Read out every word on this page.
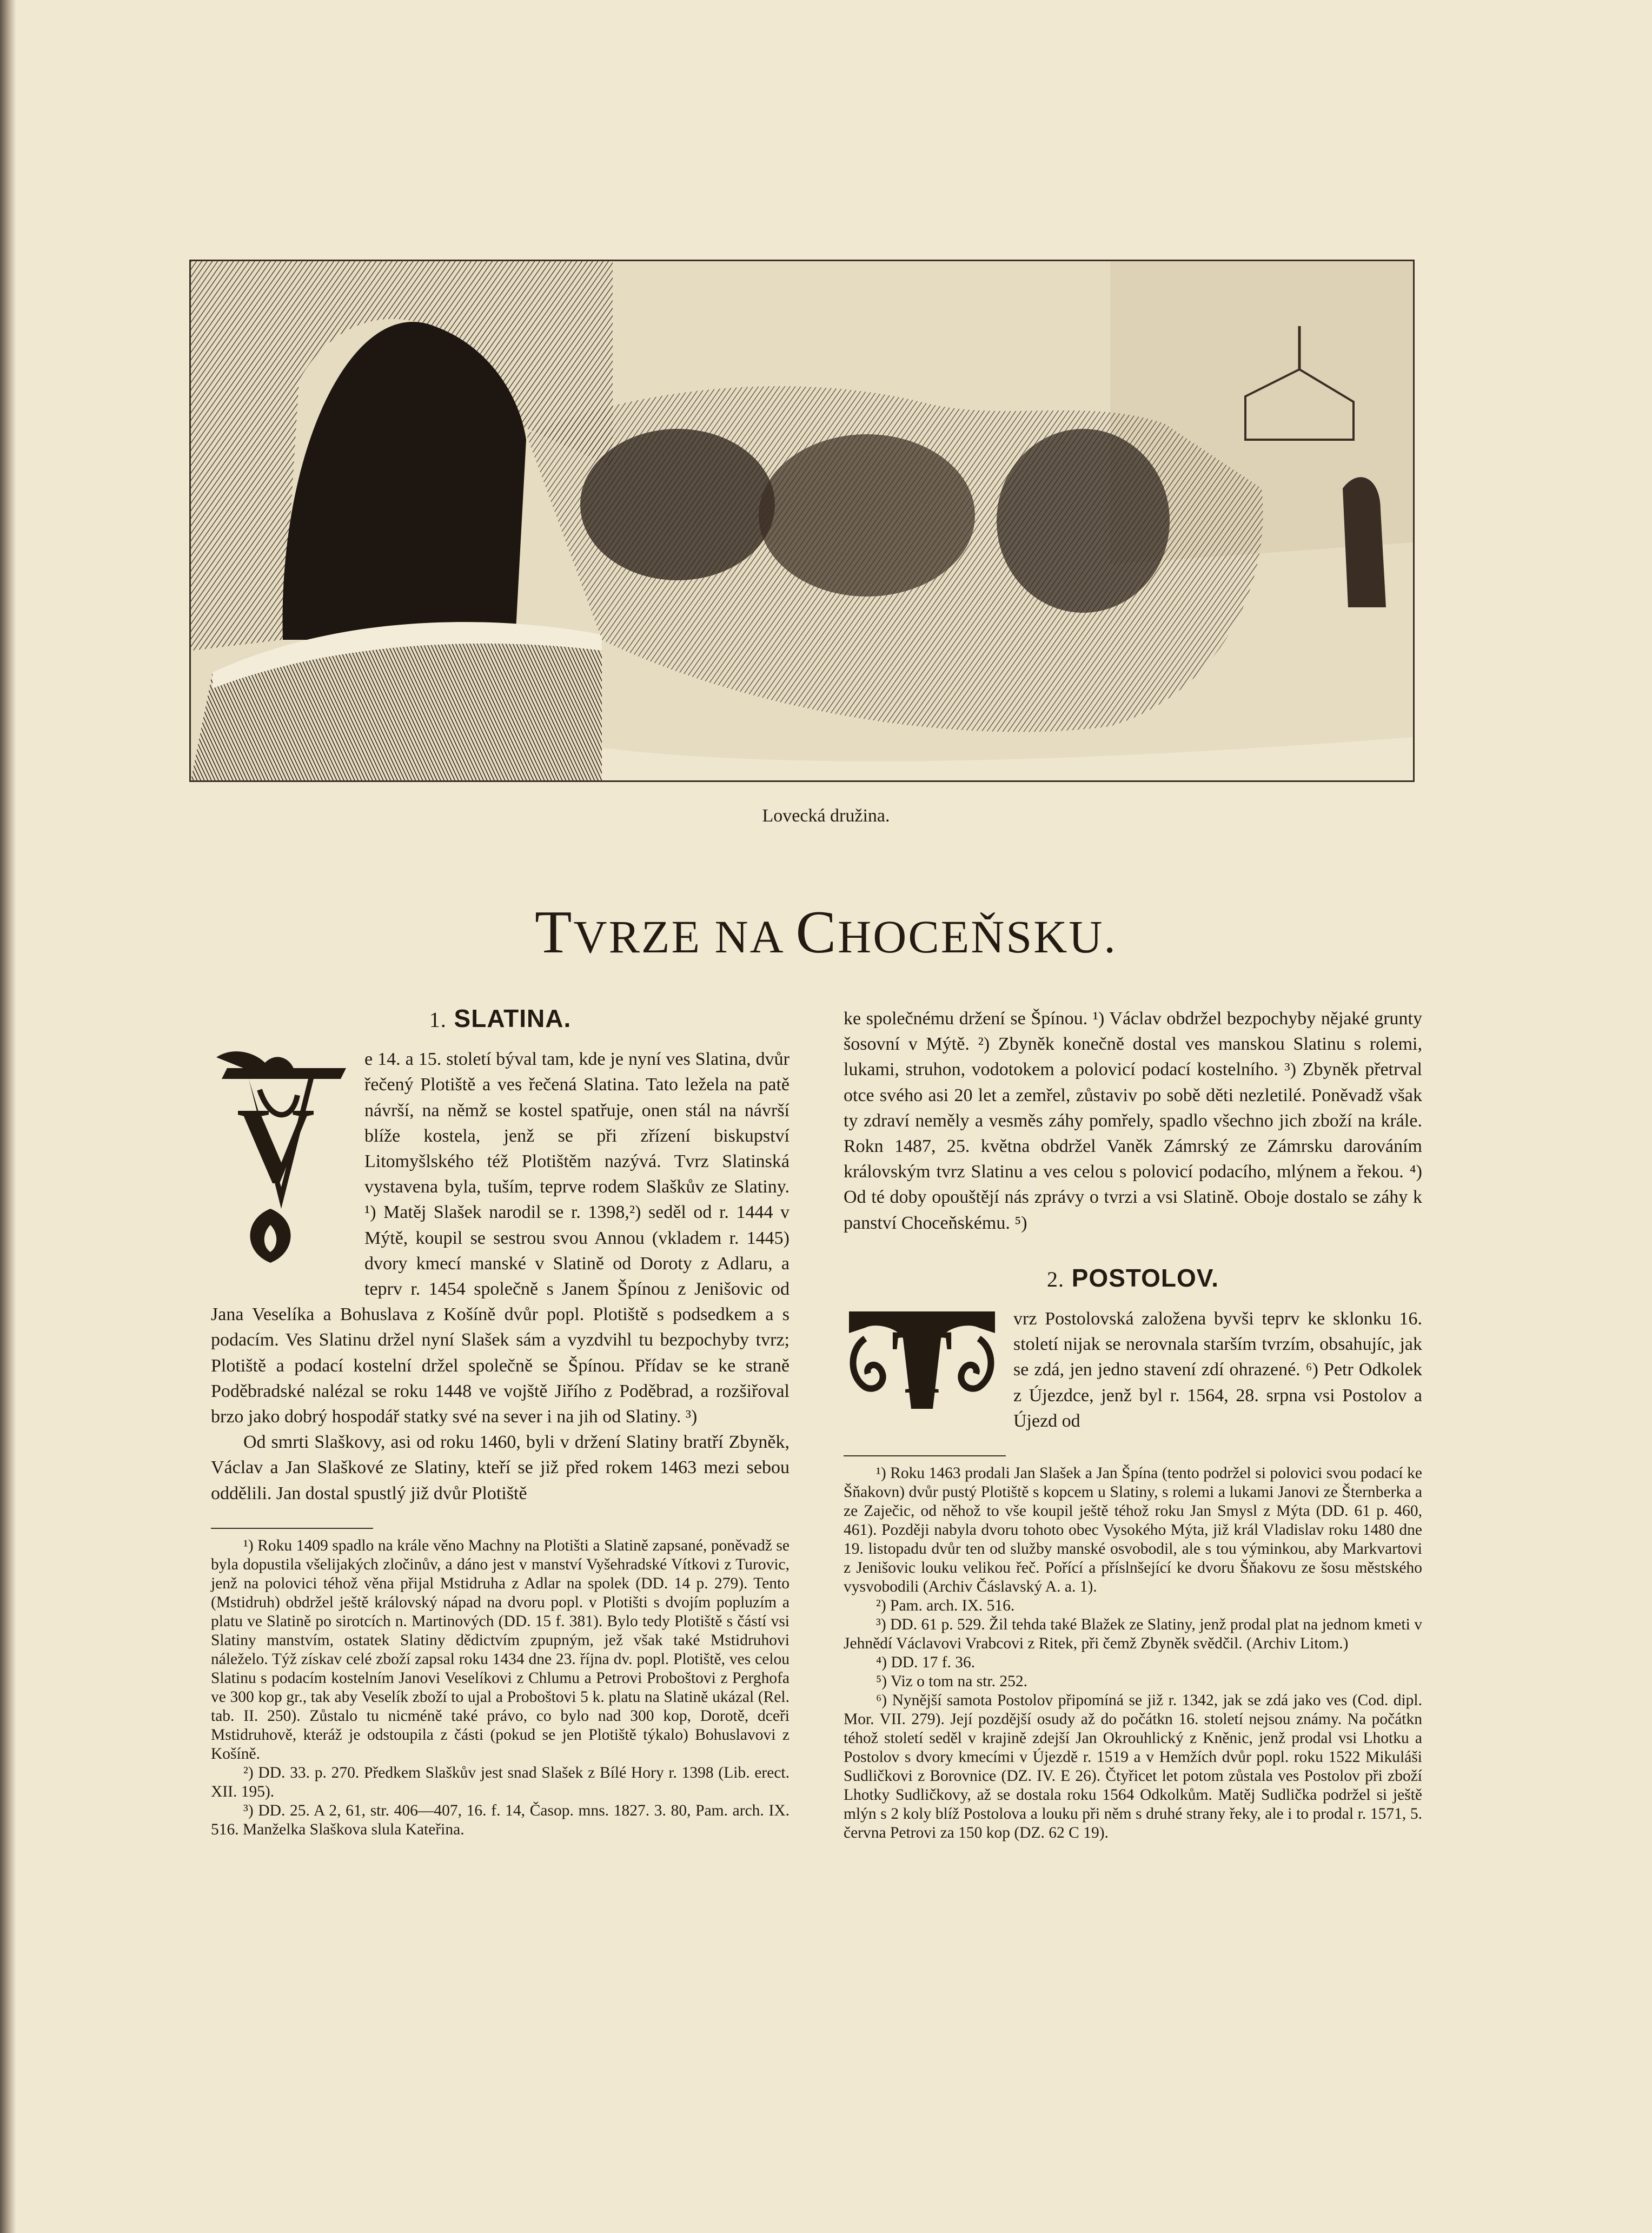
Lovecká družina.
TVRZE NA CHOCEŇSKU.
1. SLATINA.
V

e 14. a 15. století býval tam, kde je nyní ves Slatina, dvůr řečený Plotiště a ves řečená Slatina. Tato ležela na patě návrší, na němž se kostel spatřuje, onen stál na návrší blíže kostela, jenž se při zřízení biskupství Litomyšlského též Plotištěm nazývá. Tvrz Slatinská vystavena byla, tuším, teprve rodem Slaškův ze Slatiny. ¹) Matěj Slašek narodil se r. 1398,²) seděl od r. 1444 v Mýtě, koupil se sestrou svou Annou (vkladem r. 1445) dvory kmecí manské v Slatině od Doroty z Adlaru, a teprv r. 1454 společně s Janem Špínou z Jenišovic od Jana Veselíka a Bohuslava z Košíně dvůr popl. Plotiště s podsedkem a s podacím. Ves Slatinu držel nyní Slašek sám a vyzdvihl tu bezpochyby tvrz; Plotiště a podací kostelní držel společně se Špínou. Přídav se ke straně Poděbradské nalézal se roku 1448 ve vojště Jiřího z Poděbrad, a rozšiřoval brzo jako dobrý hospodář statky své na sever i na jih od Slatiny. ³)

Od smrti Slaškovy, asi od roku 1460, byli v držení Slatiny bratří Zbyněk, Václav a Jan Slaškové ze Slatiny, kteří se již před rokem 1463 mezi sebou oddělili. Jan dostal spustlý již dvůr Plotiště

¹) Roku 1409 spadlo na krále věno Machny na Plotišti a Slatině zapsané, poněvadž se byla dopustila všelijakých zločinův, a dáno jest v manství Vyšehradské Vítkovi z Turovic, jenž na polovici téhož věna přijal Mstidruha z Adlar na spolek (DD. 14 p. 279). Tento (Mstidruh) obdržel ještě královský nápad na dvoru popl. v Plotišti s dvojím popluzím a platu ve Slatině po sirotcích n. Martinových (DD. 15 f. 381). Bylo tedy Plotiště s částí vsi Slatiny manstvím, ostatek Slatiny dědictvím zpupným, jež však také Mstidruhovi náleželo. Týž získav celé zboží zapsal roku 1434 dne 23. října dv. popl. Plotiště, ves celou Slatinu s podacím kostelním Janovi Veselíkovi z Chlumu a Petrovi Proboštovi z Perghofa ve 300 kop gr., tak aby Veselík zboží to ujal a Proboštovi 5 k. platu na Slatině ukázal (Rel. tab. II. 250). Zůstalo tu nicméně také právo, co bylo nad 300 kop, Dorotě, dceři Mstidruhově, kteráž je odstoupila z části (pokud se jen Plotiště týkalo) Bohuslavovi z Košíně.

²) DD. 33. p. 270. Předkem Slaškův jest snad Slašek z Bílé Hory r. 1398 (Lib. erect. XII. 195).

³) DD. 25. A 2, 61, str. 406—407, 16. f. 14, Časop. mns. 1827. 3. 80, Pam. arch. IX. 516. Manželka Slaškova slula Kateřina.

ke společnému držení se Špínou. ¹) Václav obdržel bezpochyby nějaké grunty šosovní v Mýtě. ²) Zbyněk konečně dostal ves manskou Slatinu s rolemi, lukami, struhon, vodotokem a polovicí podací kostelního. ³) Zbyněk přetrval otce svého asi 20 let a zemřel, zůstaviv po sobě děti nezletilé. Poněvadž však ty zdraví neměly a vesměs záhy pomřely, spadlo všechno jich zboží na krále. Rokn 1487, 25. května obdržel Vaněk Zámrský ze Zámrsku darováním královským tvrz Slatinu a ves celou s polovicí podacího, mlýnem a řekou. ⁴) Od té doby opouštějí nás zprávy o tvrzi a vsi Slatině. Oboje dostalo se záhy k panství Choceňskému. ⁵)

2. POSTOLOV.
T	vrz Postolovská založena byvši teprv ke sklonku 16. století nijak se nerovnala starším tvrzím, obsahujíc, jak se zdá, jen jedno stavení zdí ohrazené. ⁶) Petr Odkolek z Újezdce, jenž byl r. 1564, 28. srpna vsi Postolov a Újezd od

¹) Roku 1463 prodali Jan Slašek a Jan Špína (tento podržel si polovici svou podací ke Šňakovn) dvůr pustý Plotiště s kopcem u Slatiny, s rolemi a lukami Janovi ze Šternberka a ze Zaječic, od něhož to vše koupil ještě téhož roku Jan Smysl z Mýta (DD. 61 p. 460, 461). Později nabyla dvoru tohoto obec Vysokého Mýta, již král Vladislav roku 1480 dne 19. listopadu dvůr ten od služby manské osvobodil, ale s tou výminkou, aby Markvartovi z Jenišovic louku velikou řeč. Pořící a příslnšející ke dvoru Šňakovu ze šosu městského vysvobodili (Archiv Čáslavský A. a. 1).

²) Pam. arch. IX. 516.

³) DD. 61 p. 529. Žil tehda také Blažek ze Slatiny, jenž prodal plat na jednom kmeti v Jehnědí Václavovi Vrabcovi z Ritek, při čemž Zbyněk svědčil. (Archiv Litom.)

⁴) DD. 17 f. 36.

⁵) Viz o tom na str. 252.

⁶) Nynější samota Postolov připomíná se již r. 1342, jak se zdá jako ves (Cod. dipl. Mor. VII. 279). Její pozdější osudy až do počátkn 16. století nejsou známy. Na počátkn téhož století seděl v krajině zdejší Jan Okrouhlický z Kněnic, jenž prodal vsi Lhotku a Postolov s dvory kmecími v Újezdě r. 1519 a v Hemžích dvůr popl. roku 1522 Mikuláši Sudličkovi z Borovnice (DZ. IV. E 26). Čtyřicet let potom zůstala ves Postolov při zboží Lhotky Sudličkovy, až se dostala roku 1564 Odkolkům. Matěj Sudlička podržel si ještě mlýn s 2 koly blíž Postolova a louku při něm s druhé strany řeky, ale i to prodal r. 1571, 5. června Petrovi za 150 kop (DZ. 62 C 19).
